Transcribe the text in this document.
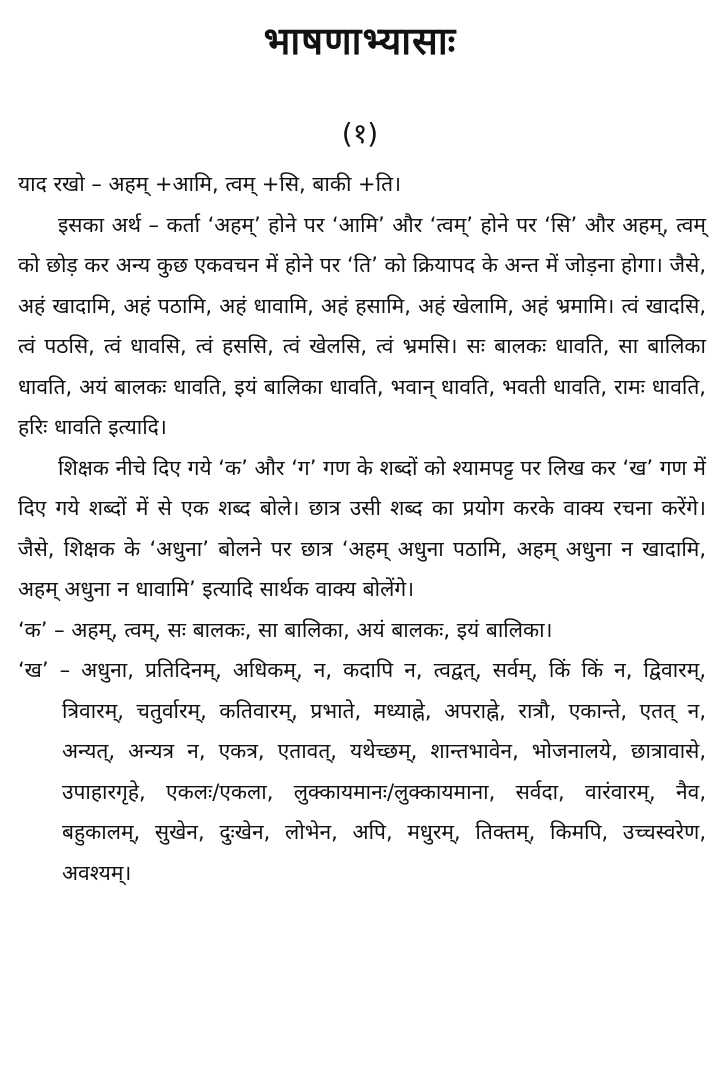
भाषणाभ्यासाः
(१)

याद रखो – अहम् +आमि, त्वम् +सि, बाकी +ति।

इसका अर्थ – कर्ता ‘अहम्’ होने पर ‘आमि’ और ‘त्वम्’ होने पर ‘सि’ और अहम्, त्वम् को छोड़ कर अन्य कुछ एकवचन में होने पर ‘ति’ को क्रियापद के अन्त में जोड़ना होगा। जैसे, अहं खादामि, अहं पठामि, अहं धावामि, अहं हसामि, अहं खेलामि, अहं भ्रमामि। त्वं खादसि, त्वं पठसि, त्वं धावसि, त्वं हससि, त्वं खेलसि, त्वं भ्रमसि। सः बालकः धावति, सा बालिका धावति, अयं बालकः धावति, इयं बालिका धावति, भवान् धावति, भवती धावति, रामः धावति, हरिः धावति इत्यादि।

शिक्षक नीचे दिए गये ‘क’ और ‘ग’ गण के शब्दों को श्यामपट्ट पर लिख कर ‘ख’ गण में दिए गये शब्दों में से एक शब्द बोले। छात्र उसी शब्द का प्रयोग करके वाक्य रचना करेंगे। जैसे, शिक्षक के ‘अधुना’ बोलने पर छात्र ‘अहम् अधुना पठामि, अहम् अधुना न खादामि, अहम् अधुना न धावामि’ इत्यादि सार्थक वाक्य बोलेंगे।

‘क’ – अहम्, त्वम्, सः बालकः, सा बालिका, अयं बालकः, इयं बालिका।

‘ख’ – अधुना, प्रतिदिनम्, अधिकम्, न, कदापि न, त्वद्वत्, सर्वम्, किं किं न, द्विवारम्, त्रिवारम्, चतुर्वारम्, कतिवारम्, प्रभाते, मध्याह्ने, अपराह्ने, रात्रौ, एकान्ते, एतत् न, अन्यत्, अन्यत्र न, एकत्र, एतावत्, यथेच्छम्, शान्तभावेन, भोजनालये, छात्रावासे, उपाहारगृहे, एकलः/एकला, लुक्कायमानः/लुक्कायमाना, सर्वदा, वारंवारम्, नैव, बहुकालम्, सुखेन, दुःखेन, लोभेन, अपि, मधुरम्, तिक्तम्, किमपि, उच्चस्वरेण, अवश्यम्।
